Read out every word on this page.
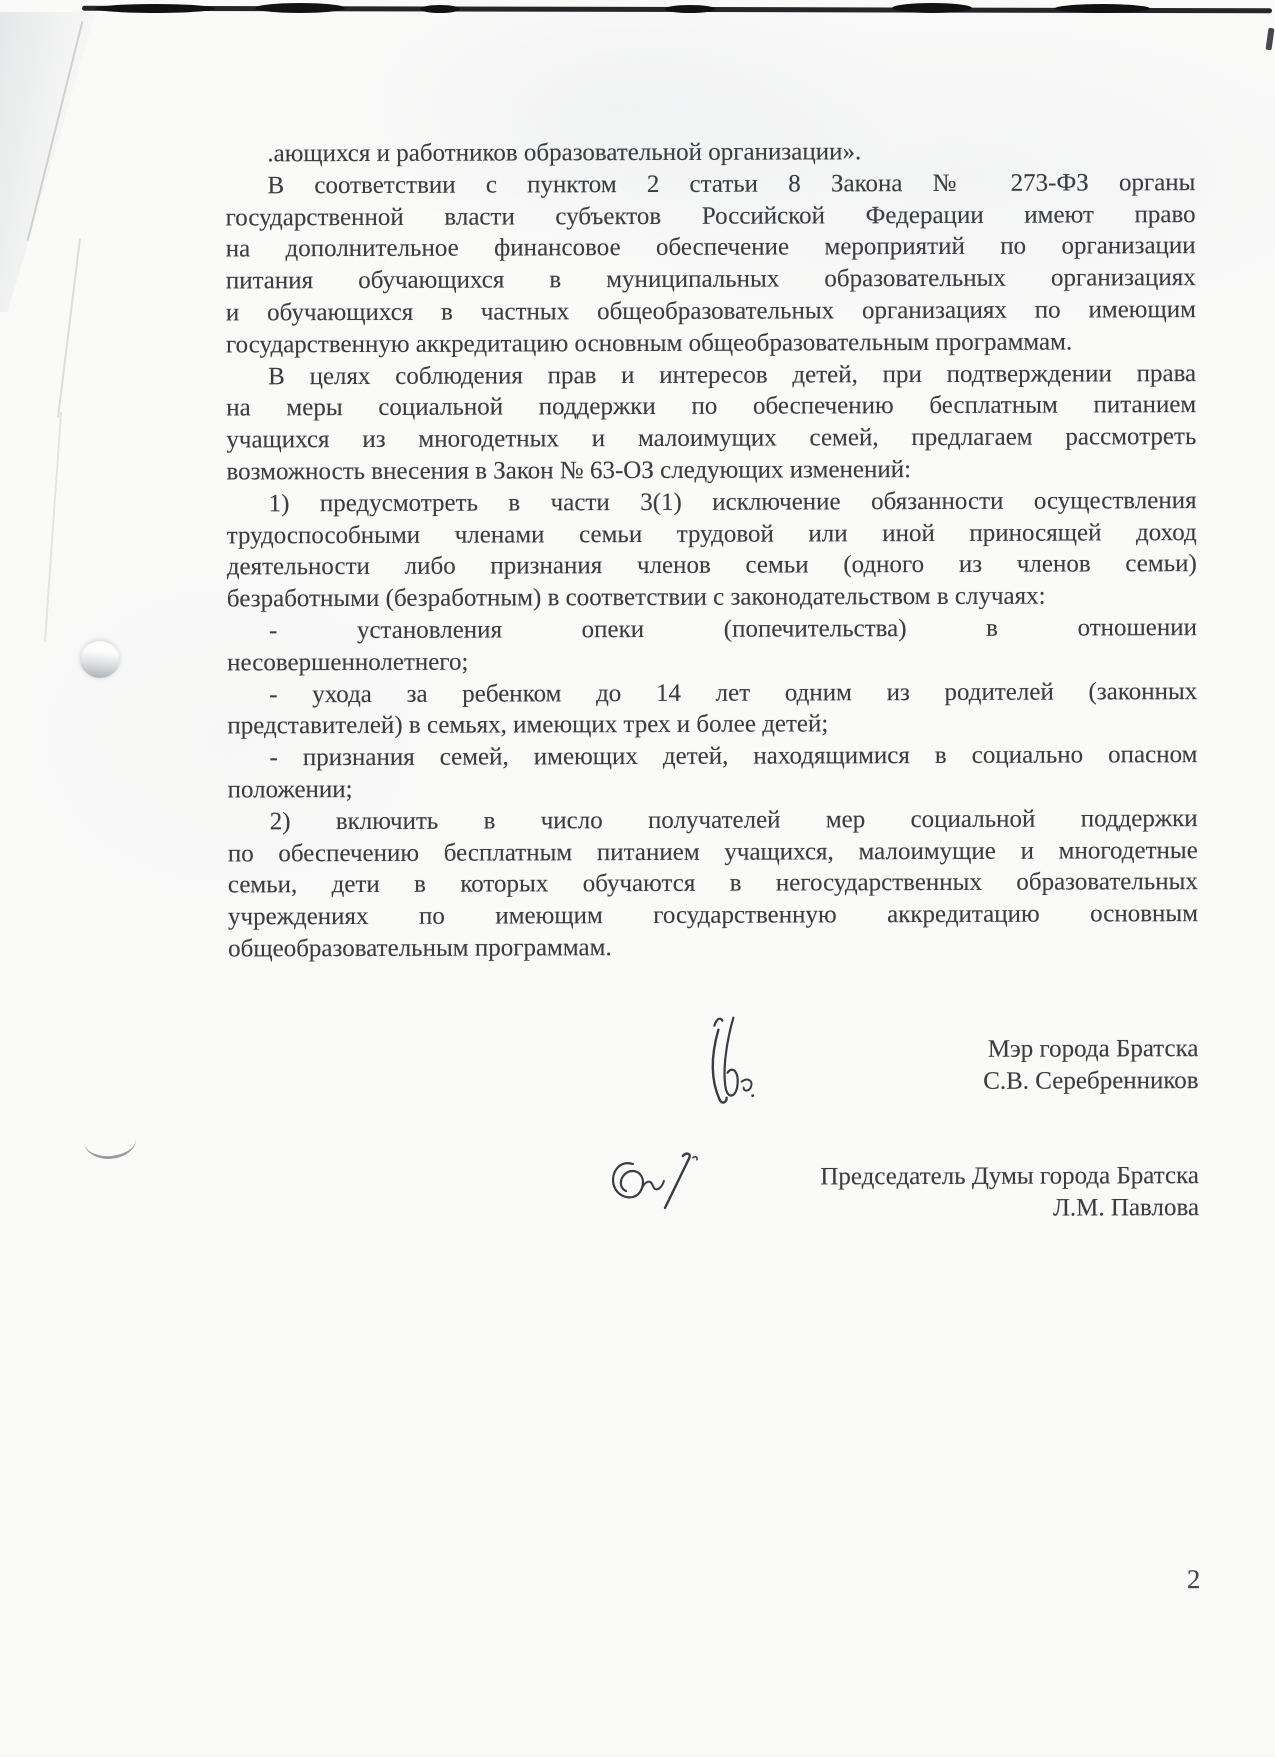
.ающихся и работников образовательной организации».
В соответствии с пунктом 2 статьи 8 Закона № 273-ФЗ органы
государственной власти субъектов Российской Федерации имеют право
на дополнительное финансовое обеспечение мероприятий по организации
питания обучающихся в муниципальных образовательных организациях
и обучающихся в частных общеобразовательных организациях по имеющим
государственную аккредитацию основным общеобразовательным программам.
В целях соблюдения прав и интересов детей, при подтверждении права
на меры социальной поддержки по обеспечению бесплатным питанием
учащихся из многодетных и малоимущих семей, предлагаем рассмотреть
возможность внесения в Закон № 63-ОЗ следующих изменений:
1) предусмотреть в части 3(1) исключение обязанности осуществления
трудоспособными членами семьи трудовой или иной приносящей доход
деятельности либо признания членов семьи (одного из членов семьи)
безработными (безработным) в соответствии с законодательством в случаях:
- установления опеки (попечительства) в отношении
несовершеннолетнего;
- ухода за ребенком до 14 лет одним из родителей (законных
представителей) в семьях, имеющих трех и более детей;
- признания семей, имеющих детей, находящимися в социально опасном
положении;
2) включить в число получателей мер социальной поддержки
по обеспечению бесплатным питанием учащихся, малоимущие и многодетные
семьи, дети в которых обучаются в негосударственных образовательных
учреждениях по имеющим государственную аккредитацию основным
общеобразовательным программам.
Мэр города Братска
С.В. Серебренников
Председатель Думы города Братска
Л.М. Павлова
2
